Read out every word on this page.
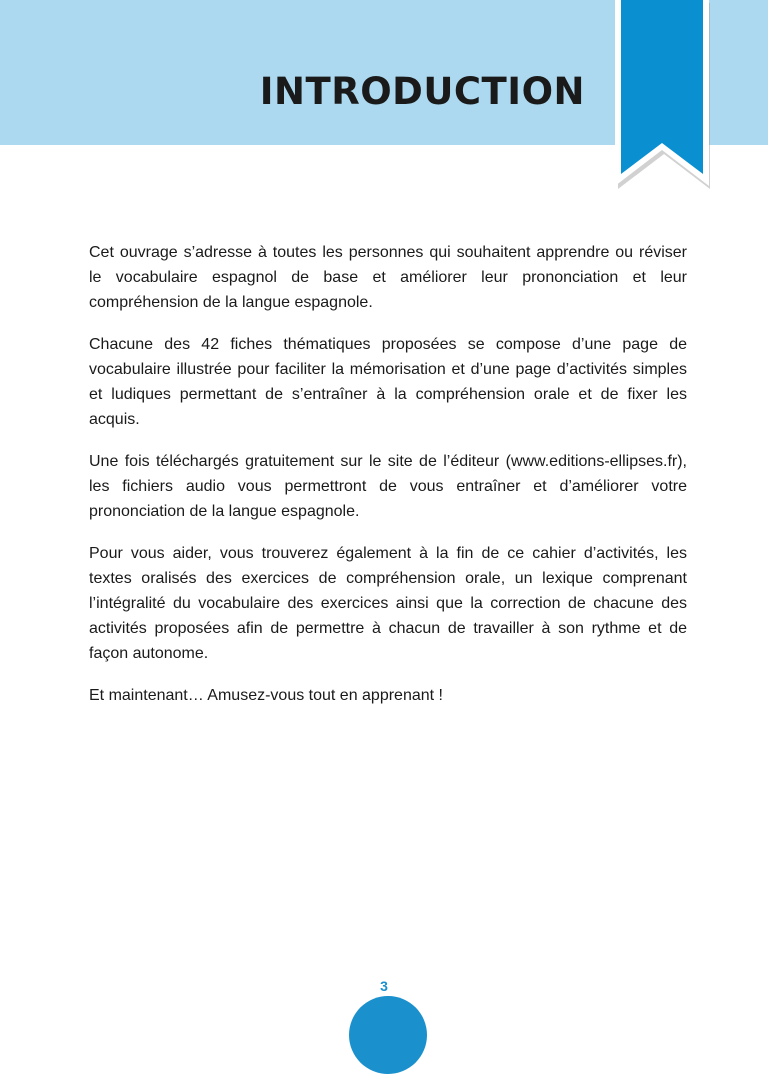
INTRODUCTION

Cet ouvrage s’adresse à toutes les personnes qui souhaitent apprendre ou réviser le vocabulaire espagnol de base et améliorer leur prononciation et leur compréhension de la langue espagnole.

Chacune des 42 fiches thématiques proposées se compose d’une page de vocabulaire illustrée pour faciliter la mémorisation et d’une page d’activités simples et ludiques permettant de s’entraîner à la compréhension orale et de fixer les acquis.

Une fois téléchargés gratuitement sur le site de l’éditeur (www.editions-ellipses.fr), les fichiers audio vous permettront de vous entraîner et d’améliorer votre prononciation de la langue espagnole.

Pour vous aider, vous trouverez également à la fin de ce cahier d’activités, les textes oralisés des exercices de compréhension orale, un lexique comprenant l’intégralité du vocabulaire des exercices ainsi que la correction de chacune des activités proposées afin de permettre à chacun de travailler à son rythme et de façon autonome.

Et maintenant… Amusez-vous tout en apprenant !

3
